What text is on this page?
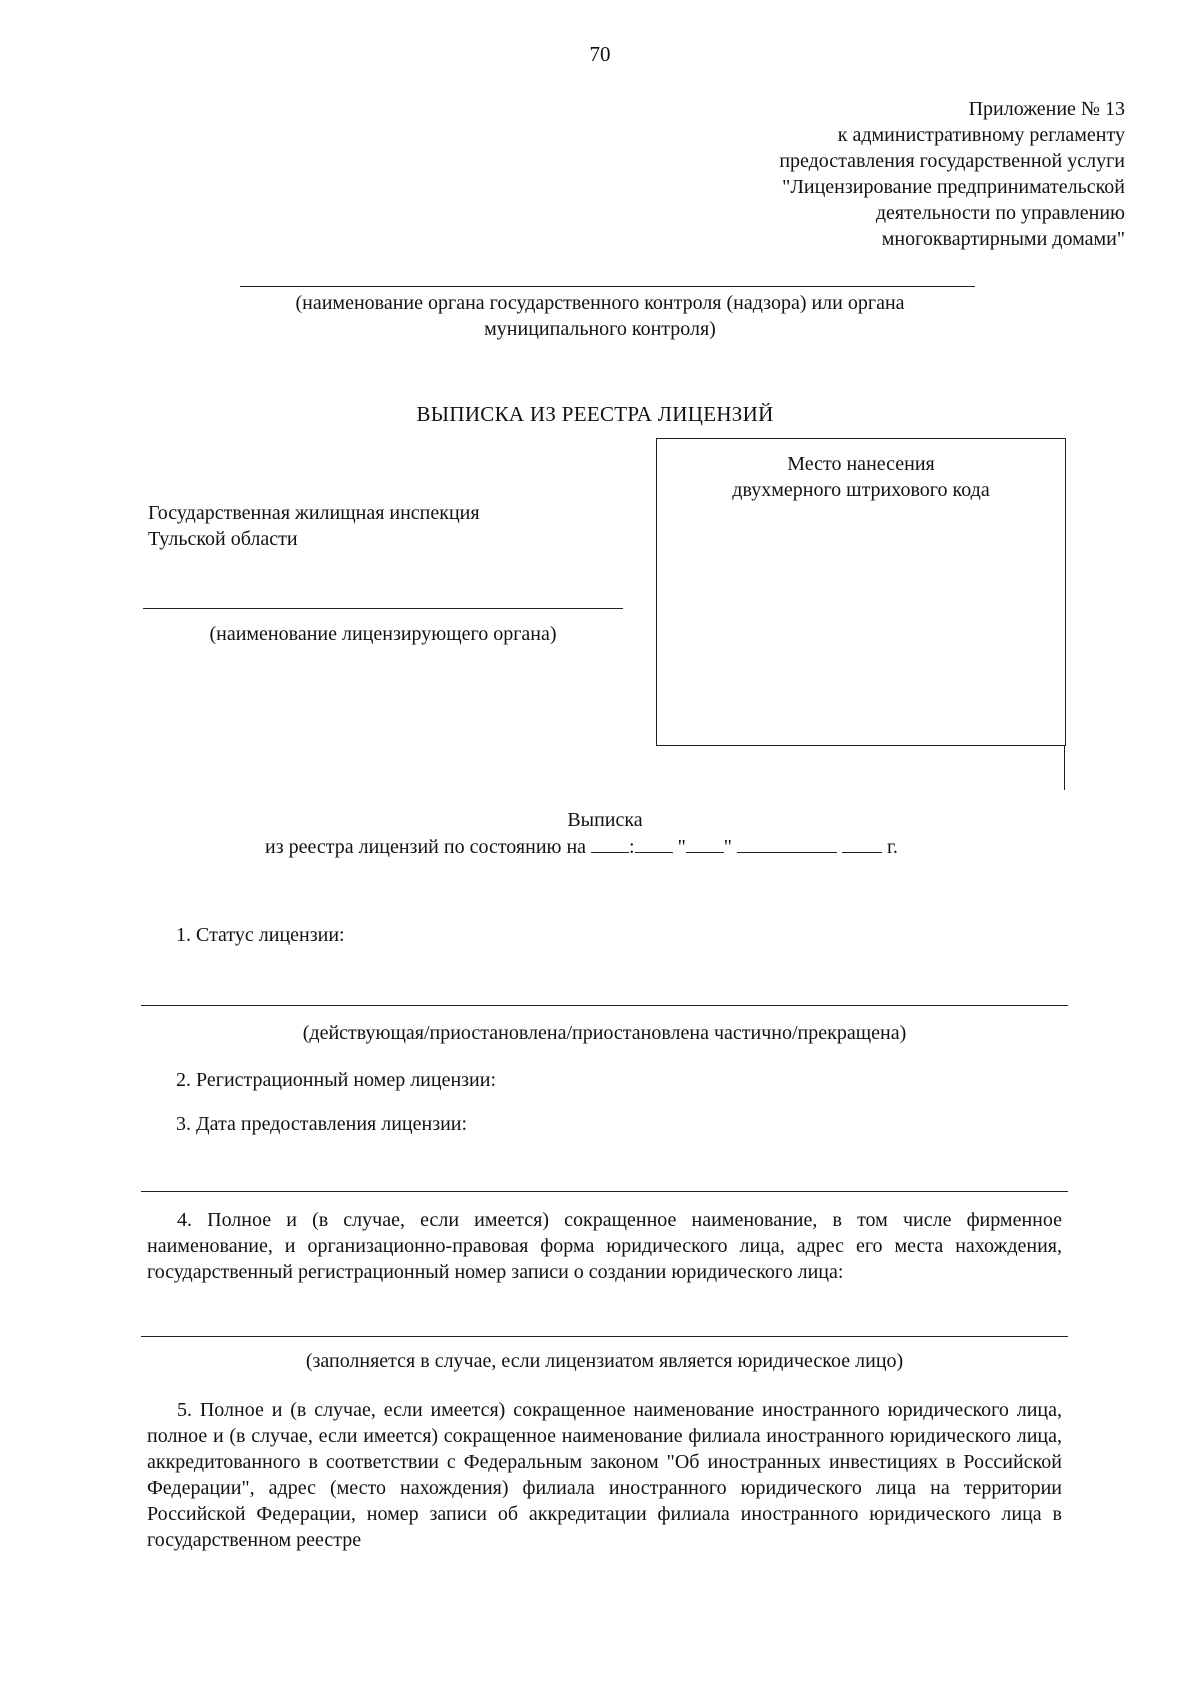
70
Приложение № 13
к административному регламенту
предоставления государственной услуги
"Лицензирование предпринимательской
деятельности по управлению
многоквартирными домами"
(наименование органа государственного контроля (надзора) или органа
муниципального контроля)
ВЫПИСКА ИЗ РЕЕСТРА ЛИЦЕНЗИЙ
Место нанесения
двухмерного штрихового кода
Государственная жилищная инспекция
Тульской области
(наименование лицензирующего органа)
Выписка
из реестра лицензий по состоянию на : " "	г.
1. Статус лицензии:
(действующая/приостановлена/приостановлена частично/прекращена)
2. Регистрационный номер лицензии:
3. Дата предоставления лицензии:
4. Полное и (в случае, если имеется) сокращенное наименование, в том числе фирменное наименование, и организационно-правовая форма юридического лица, адрес его места нахождения, государственный регистрационный номер записи о создании юридического лица:
(заполняется в случае, если лицензиатом является юридическое лицо)
5. Полное и (в случае, если имеется) сокращенное наименование иностранного юридического лица, полное и (в случае, если имеется) сокращенное наименование филиала иностранного юридического лица, аккредитованного в соответствии с Федеральным законом "Об иностранных инвестициях в Российской Федерации", адрес (место нахождения) филиала иностранного юридического лица на территории Российской Федерации, номер записи об аккредитации филиала иностранного юридического лица в государственном реестре
